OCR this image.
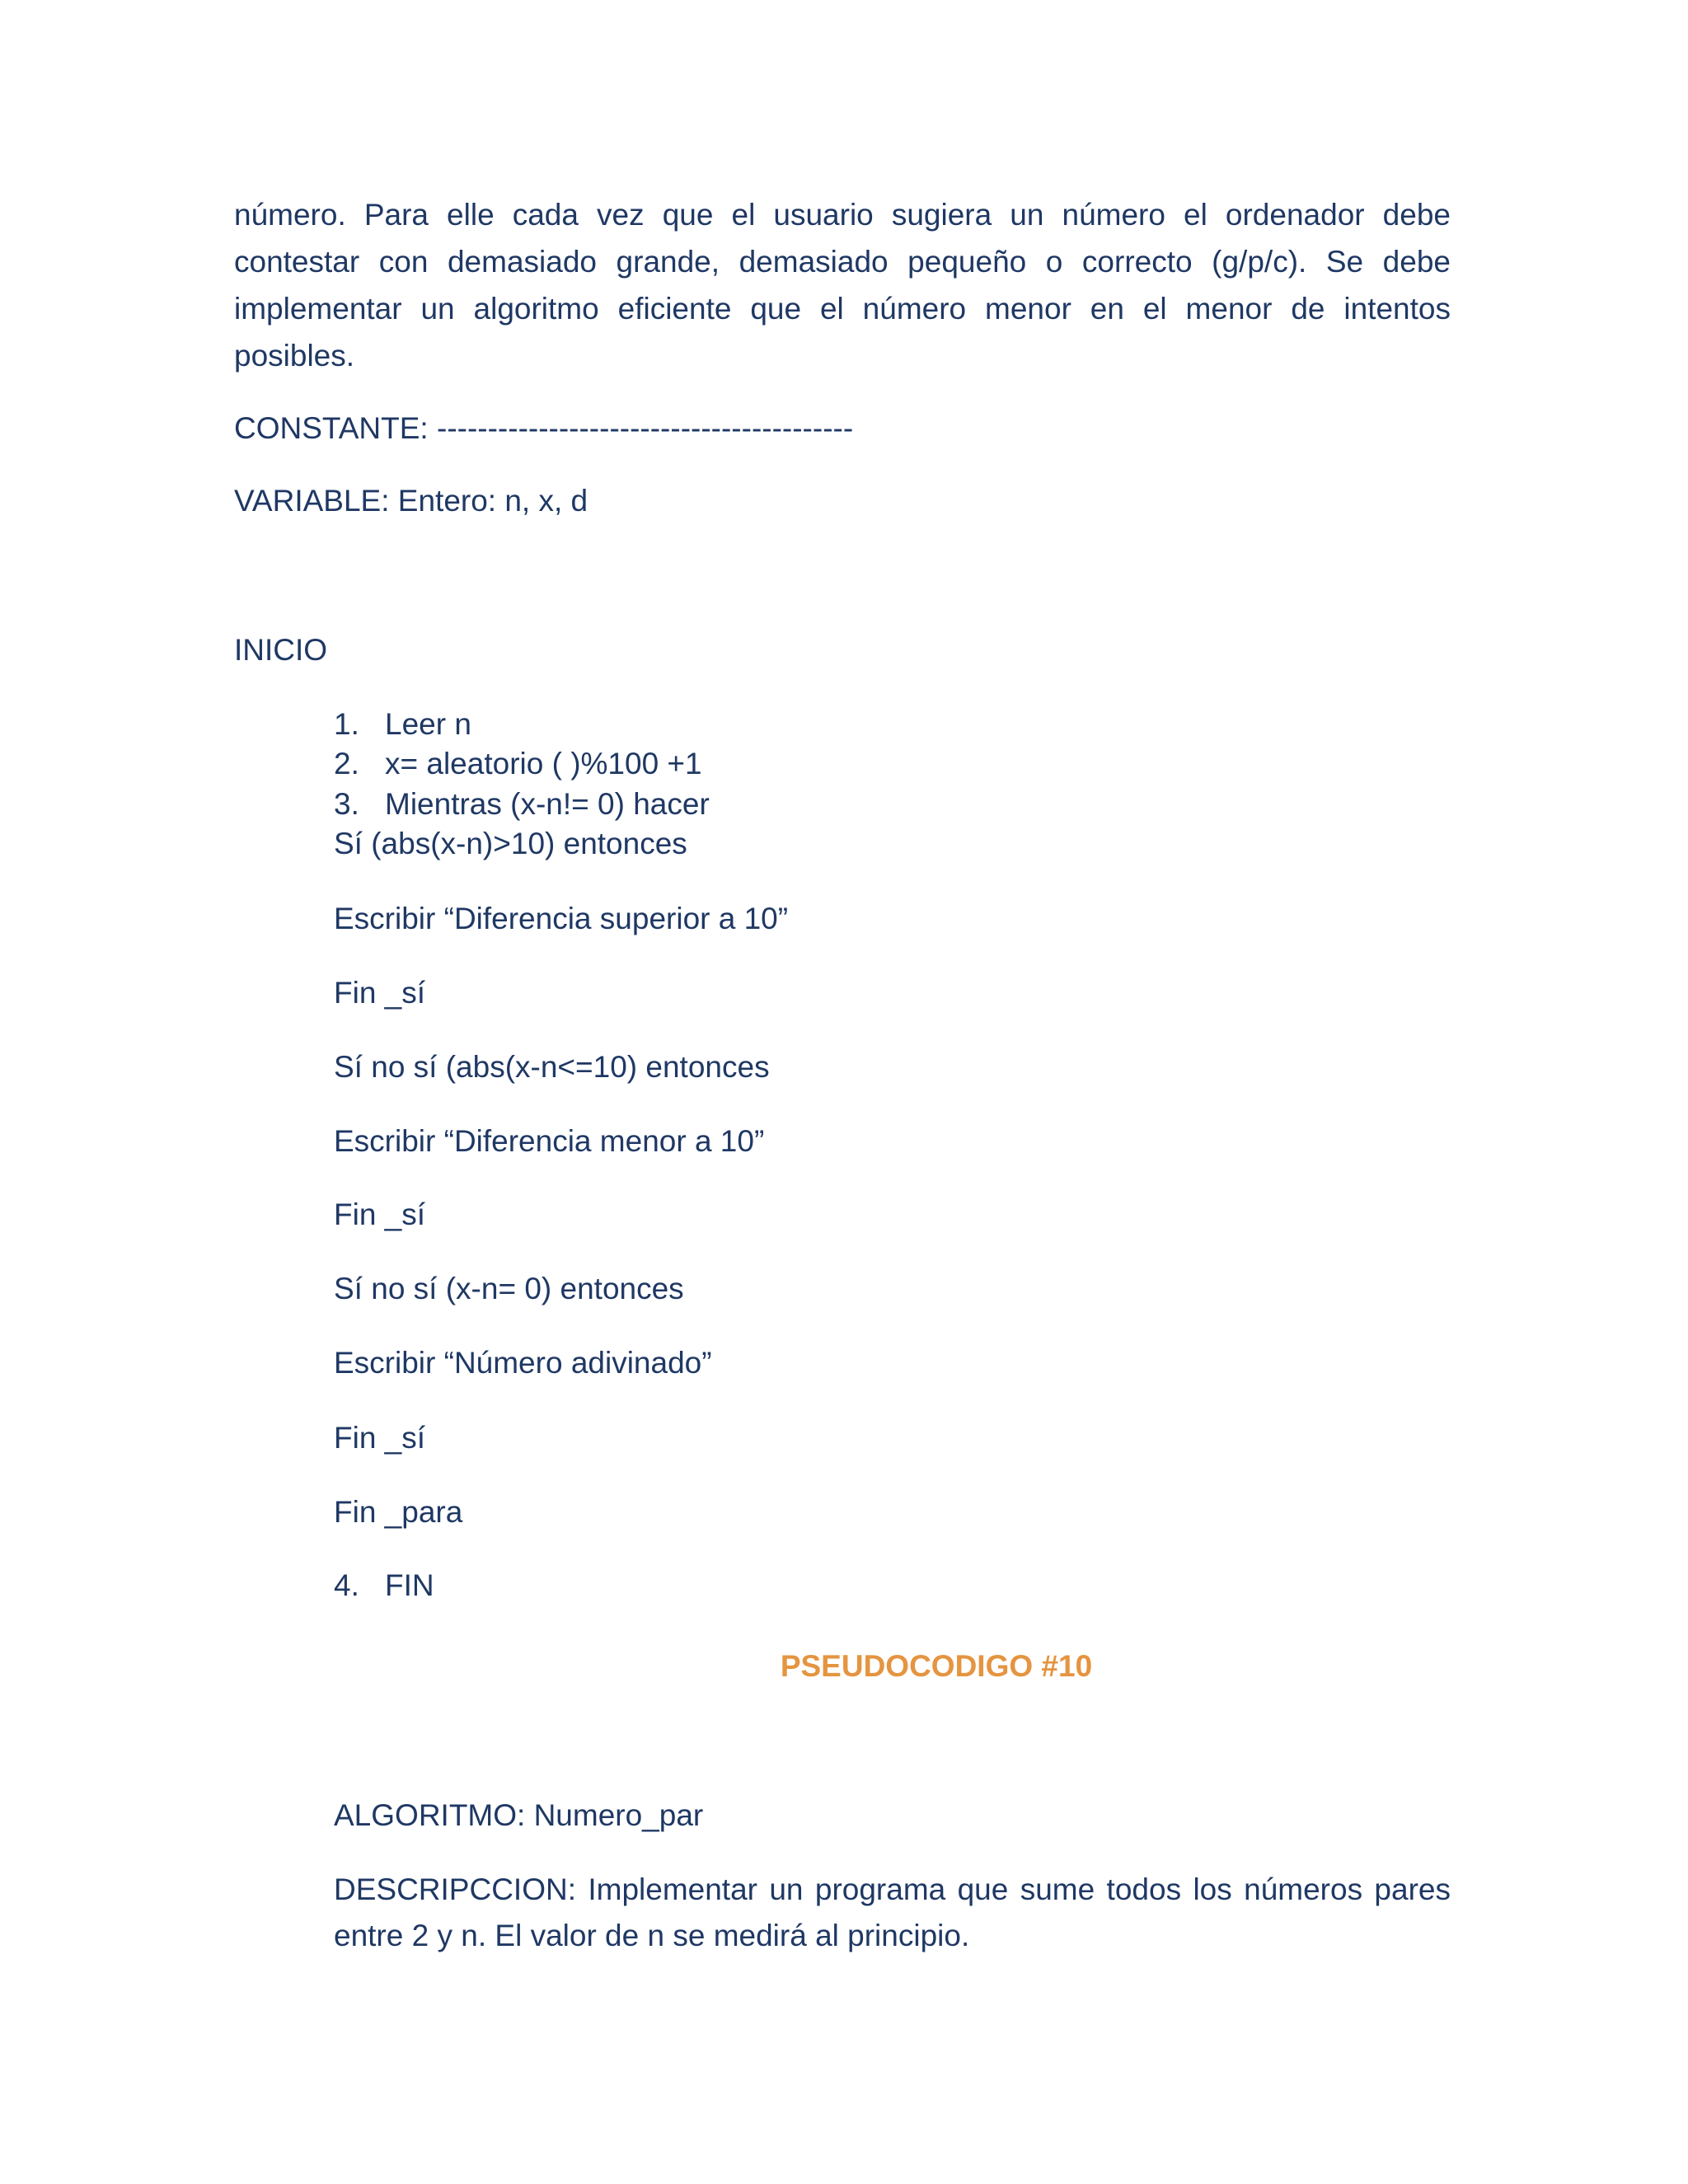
número. Para elle cada vez que el usuario sugiera un número el ordenador debe
contestar con demasiado grande, demasiado pequeño o correcto (g/p/c). Se debe
implementar un algoritmo eficiente que el número menor en el menor de intentos
posibles.
CONSTANTE: -----------------------------------------
VARIABLE: Entero: n, x, d
INICIO
1. Leer n
2. x= aleatorio ( )%100 +1
3. Mientras (x-n!= 0) hacer
Sí (abs(x-n)>10) entonces
Escribir “Diferencia superior a 10”
Fin _sí
Sí no sí (abs(x-n<=10) entonces
Escribir “Diferencia menor a 10”
Fin _sí
Sí no sí (x-n= 0) entonces
Escribir “Número adivinado”
Fin _sí
Fin _para
4. FIN
PSEUDOCODIGO #10
ALGORITMO: Numero_par
DESCRIPCCION: Implementar un programa que sume todos los números pares
entre 2 y n. El valor de n se medirá al principio.
